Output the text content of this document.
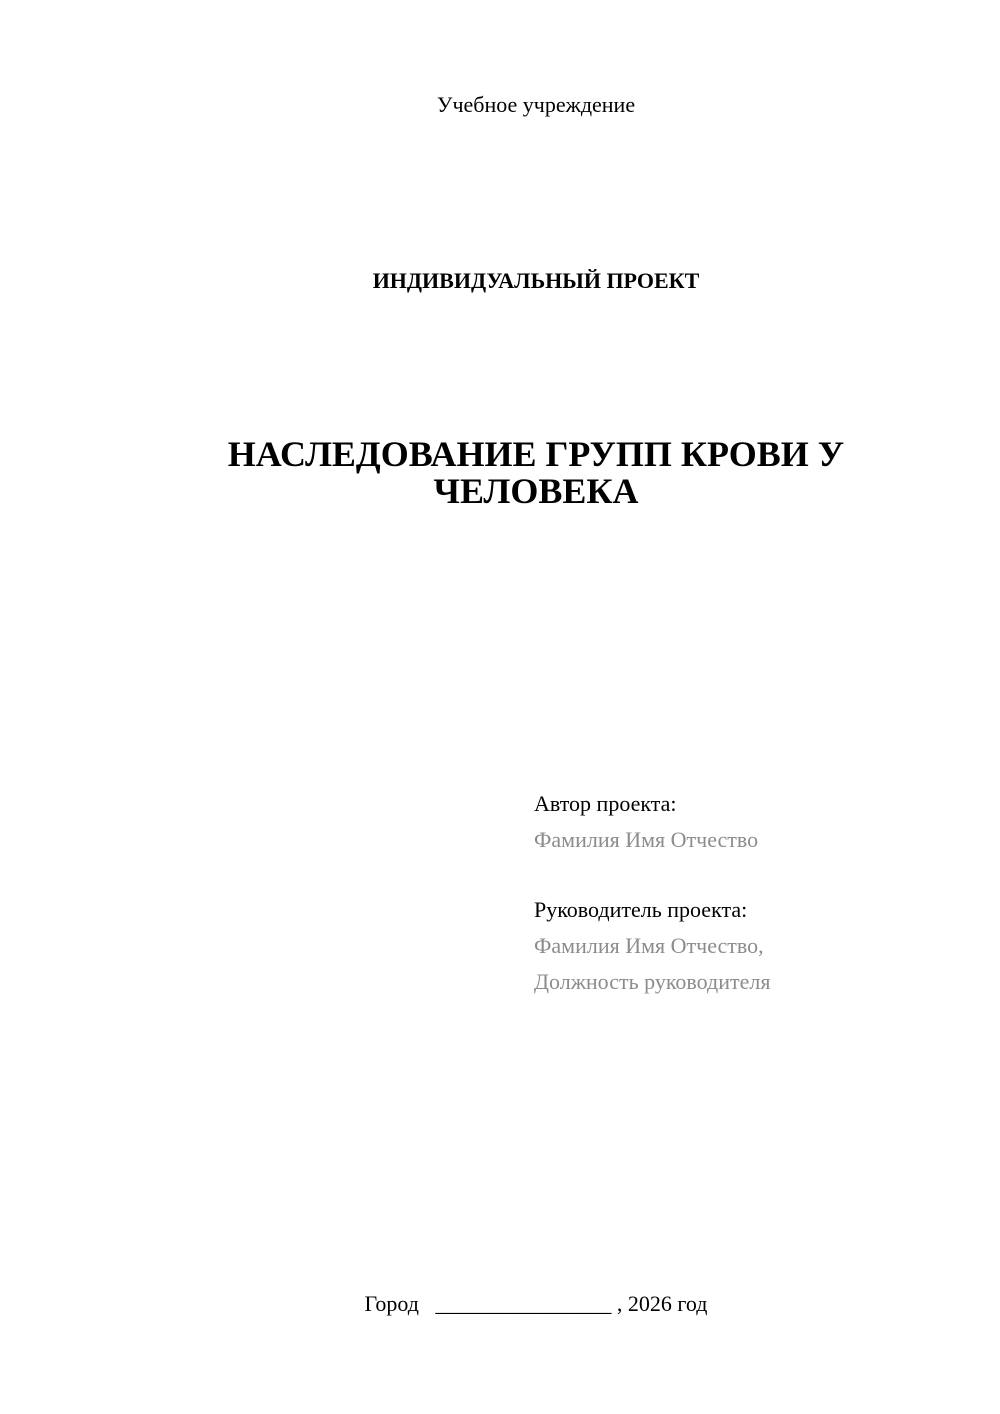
Учебное учреждение
ИНДИВИДУАЛЬНЫЙ ПРОЕКТ
НАСЛЕДОВАНИЕ ГРУПП КРОВИ У
ЧЕЛОВЕКА
Автор проекта:
Фамилия Имя Отчество
Руководитель проекта:
Фамилия Имя Отчество,
Должность руководителя
Город ________________ , 2026 год
